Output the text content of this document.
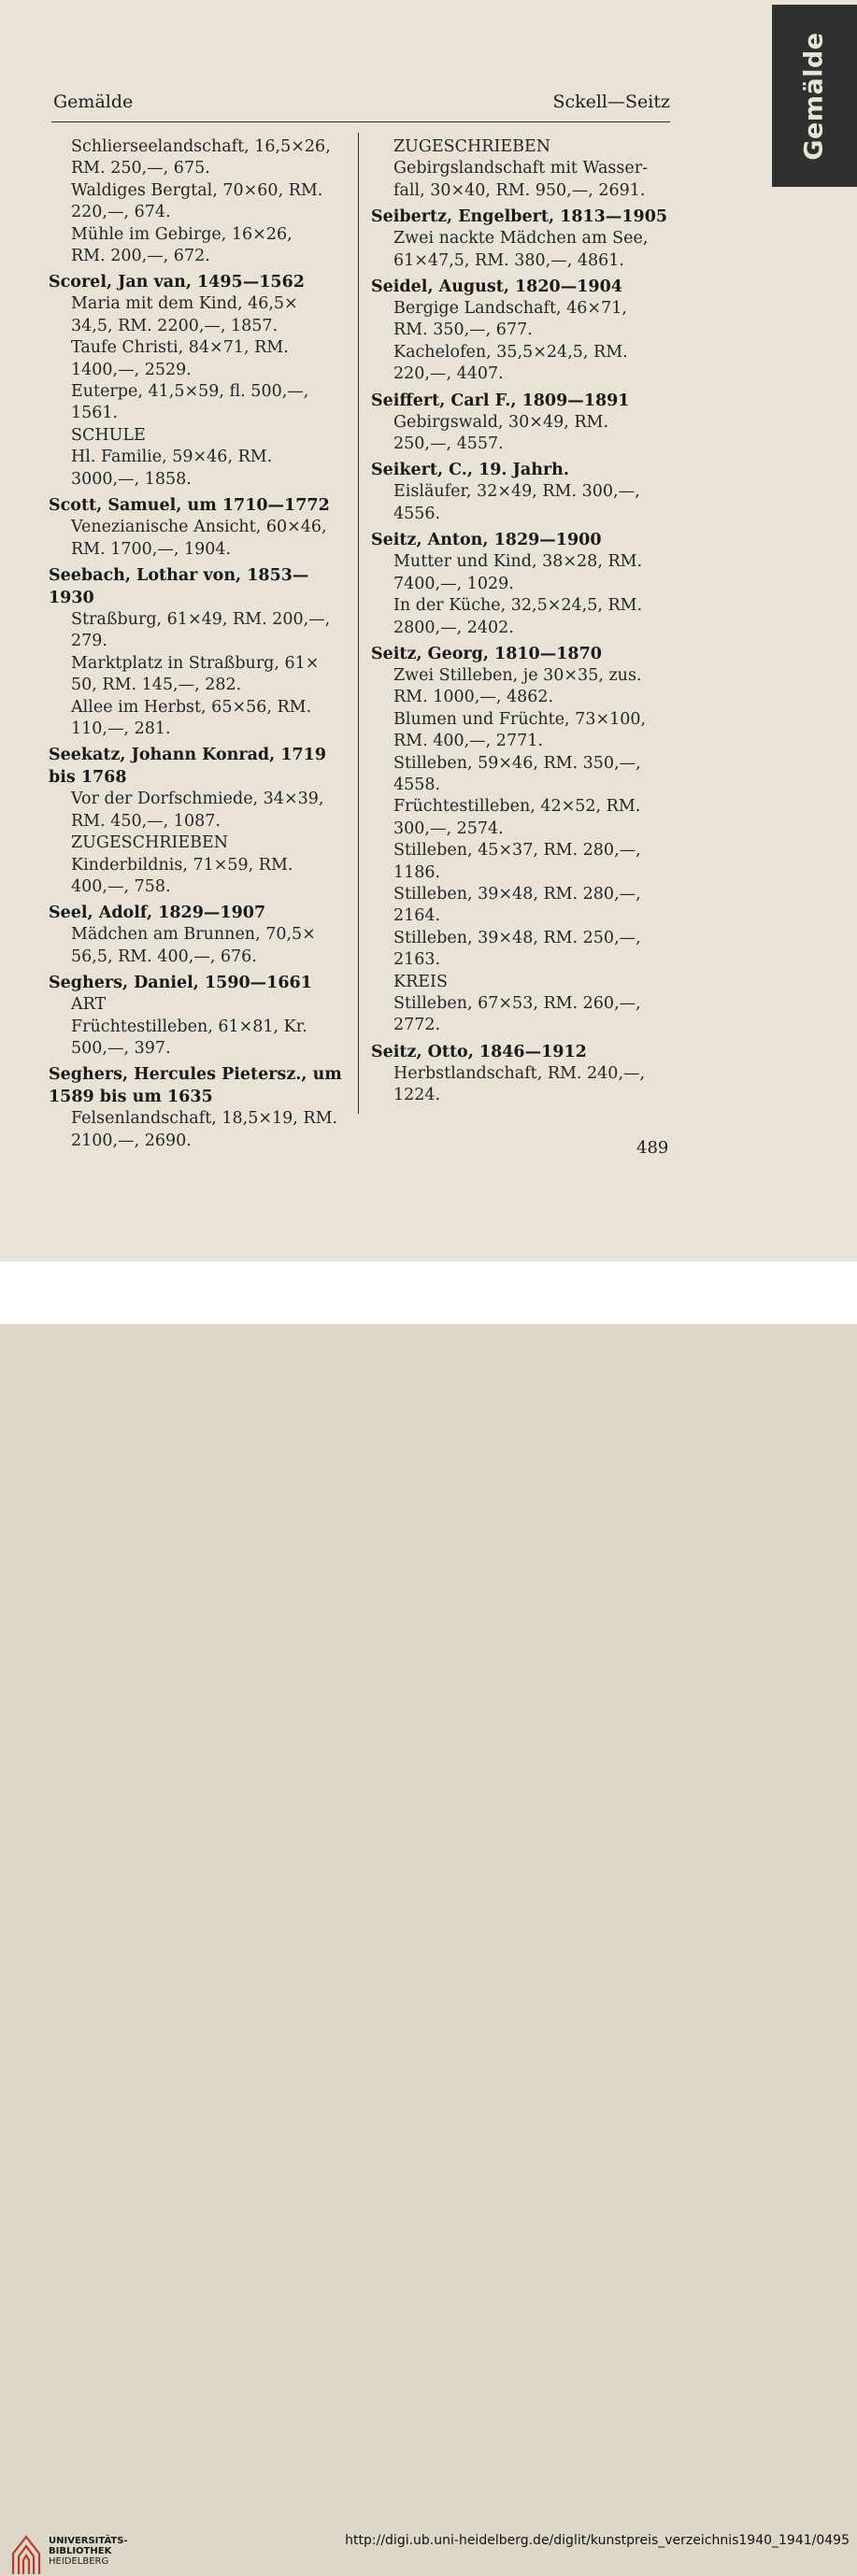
Gemälde
Gemälde	Sckell—Seitz
Schlierseelandschaft, 16,5×26,
RM. 250,—, 675.
Waldiges Bergtal, 70×60, RM.
220,—, 674.
Mühle im Gebirge, 16×26,
RM. 200,—, 672.
Scorel, Jan van, 1495—1562
Maria mit dem Kind, 46,5×
34,5, RM. 2200,—, 1857.
Taufe Christi, 84×71, RM.
1400,—, 2529.
Euterpe, 41,5×59, fl. 500,—,
1561.
SCHULE
Hl. Familie, 59×46, RM.
3000,—, 1858.
Scott, Samuel, um 1710—1772
Venezianische Ansicht, 60×46,
RM. 1700,—, 1904.
Seebach, Lothar von, 1853—1930
Straßburg, 61×49, RM. 200,—,
279.
Marktplatz in Straßburg, 61×
50, RM. 145,—, 282.
Allee im Herbst, 65×56, RM.
110,—, 281.
Seekatz, Johann Konrad, 1719
bis 1768
Vor der Dorfschmiede, 34×39,
RM. 450,—, 1087.
ZUGESCHRIEBEN
Kinderbildnis, 71×59, RM.
400,—, 758.
Seel, Adolf, 1829—1907
Mädchen am Brunnen, 70,5×
56,5, RM. 400,—, 676.
Seghers, Daniel, 1590—1661
ART
Früchtestilleben, 61×81, Kr.
500,—, 397.
Seghers, Hercules Pietersz., um
1589 bis um 1635
Felsenlandschaft, 18,5×19, RM.
2100,—, 2690.
ZUGESCHRIEBEN
Gebirgslandschaft mit Wasser-
fall, 30×40, RM. 950,—, 2691.
Seibertz, Engelbert, 1813—1905
Zwei nackte Mädchen am See,
61×47,5, RM. 380,—, 4861.
Seidel, August, 1820—1904
Bergige Landschaft, 46×71,
RM. 350,—, 677.
Kachelofen, 35,5×24,5, RM.
220,—, 4407.
Seiffert, Carl F., 1809—1891
Gebirgswald, 30×49, RM.
250,—, 4557.
Seikert, C., 19. Jahrh.
Eisläufer, 32×49, RM. 300,—,
4556.
Seitz, Anton, 1829—1900
Mutter und Kind, 38×28, RM.
7400,—, 1029.
In der Küche, 32,5×24,5, RM.
2800,—, 2402.
Seitz, Georg, 1810—1870
Zwei Stilleben, je 30×35, zus.
RM. 1000,—, 4862.
Blumen und Früchte, 73×100,
RM. 400,—, 2771.
Stilleben, 59×46, RM. 350,—,
4558.
Früchtestilleben, 42×52, RM.
300,—, 2574.
Stilleben, 45×37, RM. 280,—,
1186.
Stilleben, 39×48, RM. 280,—,
2164.
Stilleben, 39×48, RM. 250,—,
2163.
KREIS
Stilleben, 67×53, RM. 260,—,
2772.
Seitz, Otto, 1846—1912
Herbstlandschaft, RM. 240,—,
1224.
489
UNIVERSITÄTS-
BIBLIOTHEK
HEIDELBERG
http://digi.ub.uni-heidelberg.de/diglit/kunstpreis_verzeichnis1940_1941/0495
